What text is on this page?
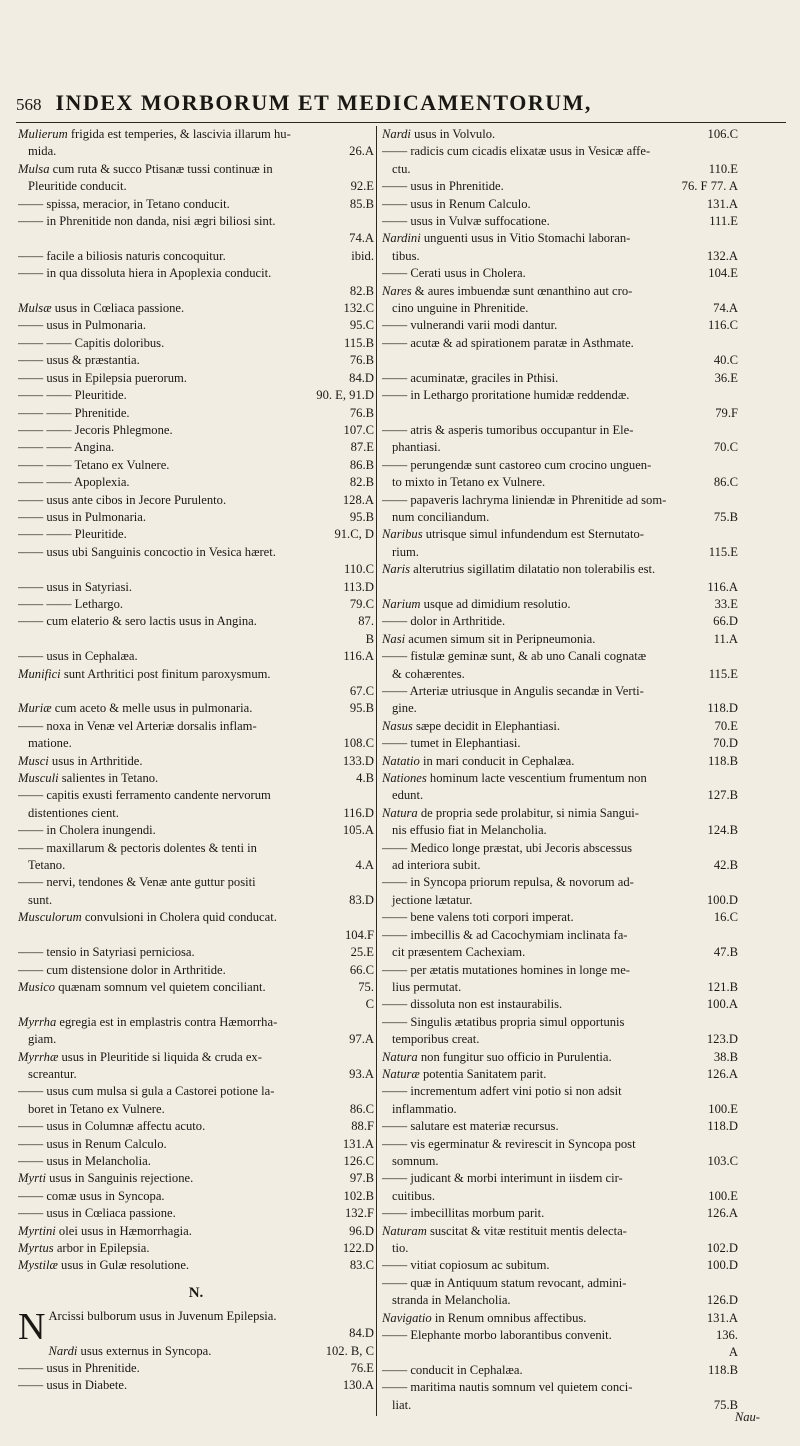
568 INDEX MORBORUM ET MEDICAMENTORUM,
Mulierum frigida est temperies, & lascivia illarum hu-
26.A
mida.
Mulsa cum ruta & succo Ptisanæ tussi continuæ in
92.E
Pleuritide conducit.
85.B
—— spissa, meracior, in Tetano conducit.
—— in Phrenitide non danda, nisi ægri biliosi sint.
74.A
ibid.
—— facile a biliosis naturis concoquitur.
—— in qua dissoluta hiera in Apoplexia conducit.
82.B
132.C
Mulsæ usus in Cœliaca passione.
95.C
—— usus in Pulmonaria.
115.B
—— —— Capitis doloribus.
76.B
—— usus & præstantia.
84.D
—— usus in Epilepsia puerorum.
90. E, 91.D
—— —— Pleuritide.
76.B
—— —— Phrenitide.
107.C
—— —— Jecoris Phlegmone.
87.E
—— —— Angina.
86.B
—— —— Tetano ex Vulnere.
82.B
—— —— Apoplexia.
128.A
—— usus ante cibos in Jecore Purulento.
95.B
—— usus in Pulmonaria.
91.C, D
—— —— Pleuritide.
—— usus ubi Sanguinis concoctio in Vesica hæret.
110.C
113.D
—— usus in Satyriasi.
79.C
—— —— Lethargo.
87.
—— cum elaterio & sero lactis usus in Angina.
B
116.A
—— usus in Cephalæa.
Munifici sunt Arthritici post finitum paroxysmum.
67.C
95.B
Muriæ cum aceto & melle usus in pulmonaria.
—— noxa in Venæ vel Arteriæ dorsalis inflam-
108.C
mationе.
133.D
Musci usus in Arthritide.
4.B
Musculi salientes in Tetano.
—— capitis exusti ferramento candente nervorum
116.D
distentiones cient.
105.A
—— in Cholera inungendi.
—— maxillarum & pectoris dolentes & tenti in
4.A
Tetano.
—— nervi, tendones & Venæ ante guttur positi
83.D
sunt.
Musculorum convulsioni in Cholera quid conducat.
104.F
25.E
—— tensio in Satyriasi perniciosa.
66.C
—— cum distensione dolor in Arthritide.
75.
Musico quænam somnum vel quietem conciliant.
C
Myrrha egregia est in emplastris contra Hæmorrha-
97.A
giam.
Myrrhæ usus in Pleuritide si liquida & cruda ex-
93.A
screantur.
—— usus cum mulsa si gula a Castorei potione la-
86.C
boret in Tetano ex Vulnere.
88.F
—— usus in Columnæ affectu acuto.
131.A
—— usus in Renum Calculo.
126.C
—— usus in Melancholia.
97.B
Myrti usus in Sanguinis rejectione.
102.B
—— comæ usus in Syncopa.
132.F
—— usus in Cœliaca passione.
96.D
Myrtini olei usus in Hæmorrhagia.
122.D
Myrtus arbor in Epilepsia.
83.C
Mystilæ usus in Gulæ resolutione.
N.
N Arcissi bulborum usus in Juvenum Epilepsia.
84.D
102. B, C
Nardi usus externus in Syncopa.
76.E
—— usus in Phrenitide.
130.A
—— usus in Diabete.
106.C
Nardi usus in Volvulo.
—— radicis cum cicadis elixatæ usus in Vesicæ affe-
110.E
ctu.
76. F 77. A
—— usus in Phrenitide.
131.A
—— usus in Renum Calculo.
111.E
—— usus in Vulvæ suffocatione.
Nardini unguenti usus in Vitio Stomachi laboran-
132.A
tibus.
104.E
—— Cerati usus in Cholera.
Nares & aures imbuendæ sunt œnanthino aut cro-
74.A
cino unguine in Phrenitide.
116.C
—— vulnerandi varii modi dantur.
—— acutæ & ad spirationem paratæ in Asthmate.
40.C
36.E
—— acuminatæ, graciles in Pthisi.
—— in Lethargo proritatione humidæ reddendæ.
79.F
—— atris & asperis tumoribus occupantur in Ele-
70.C
phantiasi.
—— perungendæ sunt castoreo cum crocino unguen-
86.C
to mixto in Tetano ex Vulnere.
—— papaveris lachryma liniendæ in Phrenitide ad som-
75.B
num conciliandum.
Naribus utrisque simul infundendum est Sternutato-
115.E
rium.
Naris alterutrius sigillatim dilatatio non tolerabilis est.
116.A
33.E
Narium usque ad dimidium resolutio.
66.D
—— dolor in Arthritide.
11.A
Nasi acumen simum sit in Peripneumonia.
—— fistulæ geminæ sunt, & ab uno Canali cognatæ
115.E
& cohærentes.
—— Arteriæ utriusque in Angulis secandæ in Verti-
118.D
gine.
70.E
Nasus sæpe decidit in Elephantiasi.
70.D
—— tumet in Elephantiasi.
118.B
Natatio in mari conducit in Cephalæa.
Nationes hominum lacte vescentium frumentum non
127.B
edunt.
Natura de propria sede prolabitur, si nimia Sangui-
124.B
nis effusio fiat in Melancholia.
—— Medico longe præstat, ubi Jecoris abscessus
42.B
ad interiora subit.
—— in Syncopa priorum repulsa, & novorum ad-
100.D
jectione lætatur.
16.C
—— bene valens toti corpori imperat.
—— imbecillis & ad Cacochymiam inclinata fa-
47.B
cit præsentem Cachexiam.
—— per ætatis mutationes homines in longe me-
121.B
lius permutat.
100.A
—— dissoluta non est instaurabilis.
—— Singulis ætatibus propria simul opportunis
123.D
temporibus creat.
38.B
Natura non fungitur suo officio in Purulentia.
126.A
Naturæ potentia Sanitatem parit.
—— incrementum adfert vini potio si non adsit
100.E
inflammatio.
118.D
—— salutare est materiæ recursus.
—— vis egerminatur & reviresсit in Syncopa post
103.C
somnum.
—— judicant & morbi interimunt in iisdem cir-
100.E
cuitibus.
126.A
—— imbecillitas morbum parit.
Naturam suscitat & vitæ restituit mentis delecta-
102.D
tio.
100.D
—— vitiat copiosum ac subitum.
—— quæ in Antiquum statum revocant, admini-
126.D
stranda in Melancholia.
131.A
Navigatio in Renum omnibus affectibus.
136.
—— Elephante morbo laborantibus convenit.
A
118.B
—— conducit in Cephalæa.
—— maritima nautis somnum vel quietem conci-
75.B
liat.
Nau-
